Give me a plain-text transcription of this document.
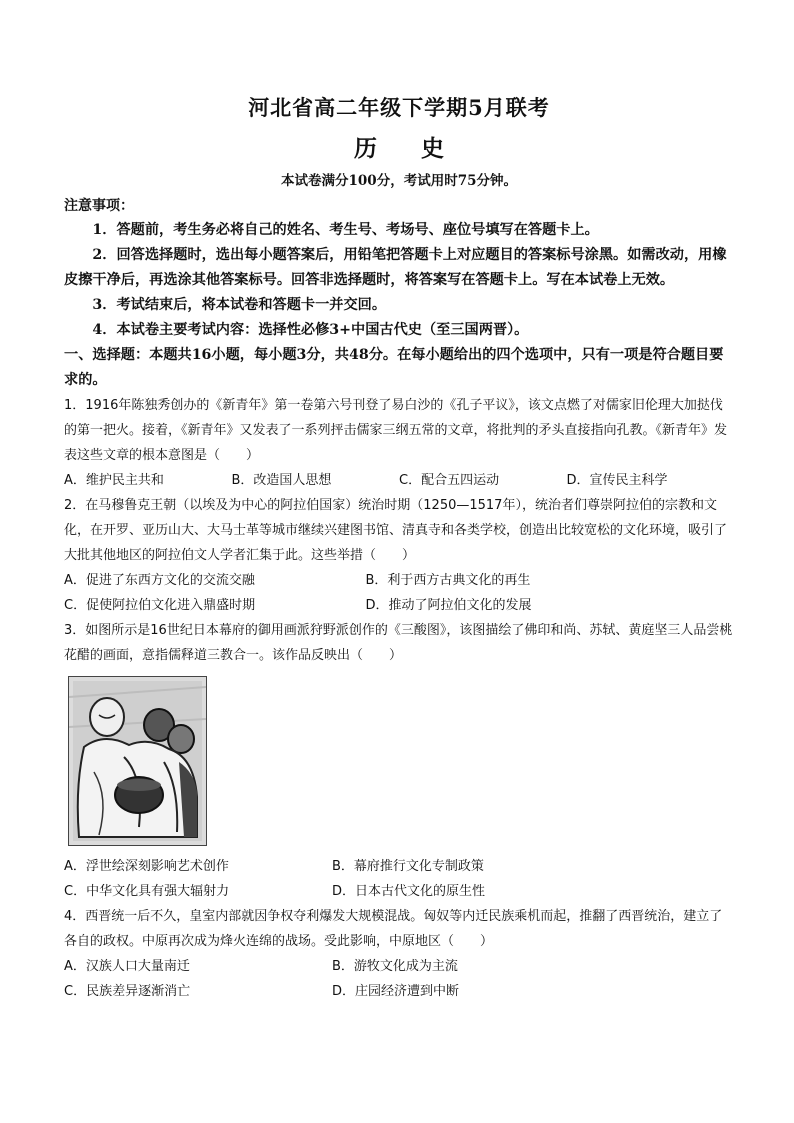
河北省高二年级下学期5月联考
历 史
本试卷满分100分，考试用时75分钟。
注意事项：

1．答题前，考生务必将自己的姓名、考生号、考场号、座位号填写在答题卡上。

2．回答选择题时，选出每小题答案后，用铅笔把答题卡上对应题目的答案标号涂黑。如需改动，用橡皮擦干净后，再选涂其他答案标号。回答非选择题时，将答案写在答题卡上。写在本试卷上无效。

3．考试结束后，将本试卷和答题卡一并交回。

4．本试卷主要考试内容：选择性必修3+中国古代史（至三国两晋）。

一、选择题：本题共16小题，每小题3分，共48分。在每小题给出的四个选项中，只有一项是符合题目要求的。

1．1916年陈独秀创办的《新青年》第一卷第六号刊登了易白沙的《孔子平议》，该文点燃了对儒家旧伦理大加挞伐的第一把火。接着，《新青年》又发表了一系列抨击儒家三纲五常的文章，将批判的矛头直接指向孔教。《新青年》发表这些文章的根本意图是（　　）

A．维护民主共和	B．改造国人思想	C．配合五四运动	D．宣传民主科学

2．在马穆鲁克王朝（以埃及为中心的阿拉伯国家）统治时期（1250—1517年），统治者们尊崇阿拉伯的宗教和文化，在开罗、亚历山大、大马士革等城市继续兴建图书馆、清真寺和各类学校，创造出比较宽松的文化环境，吸引了大批其他地区的阿拉伯文人学者汇集于此。这些举措（　　）

A．促进了东西方文化的交流交融	B．利于西方古典文化的再生
C．促使阿拉伯文化进入鼎盛时期	D．推动了阿拉伯文化的发展

3．如图所示是16世纪日本幕府的御用画派狩野派创作的《三酸图》，该图描绘了佛印和尚、苏轼、黄庭坚三人品尝桃花醋的画面，意指儒释道三教合一。该作品反映出（　　）

A．浮世绘深刻影响艺术创作	B．幕府推行文化专制政策
C．中华文化具有强大辐射力	D．日本古代文化的原生性

4．西晋统一后不久，皇室内部就因争权夺利爆发大规模混战。匈奴等内迁民族乘机而起，推翻了西晋统治，建立了各自的政权。中原再次成为烽火连绵的战场。受此影响，中原地区（　　）

A．汉族人口大量南迁	B．游牧文化成为主流
C．民族差异逐渐消亡	D．庄园经济遭到中断
